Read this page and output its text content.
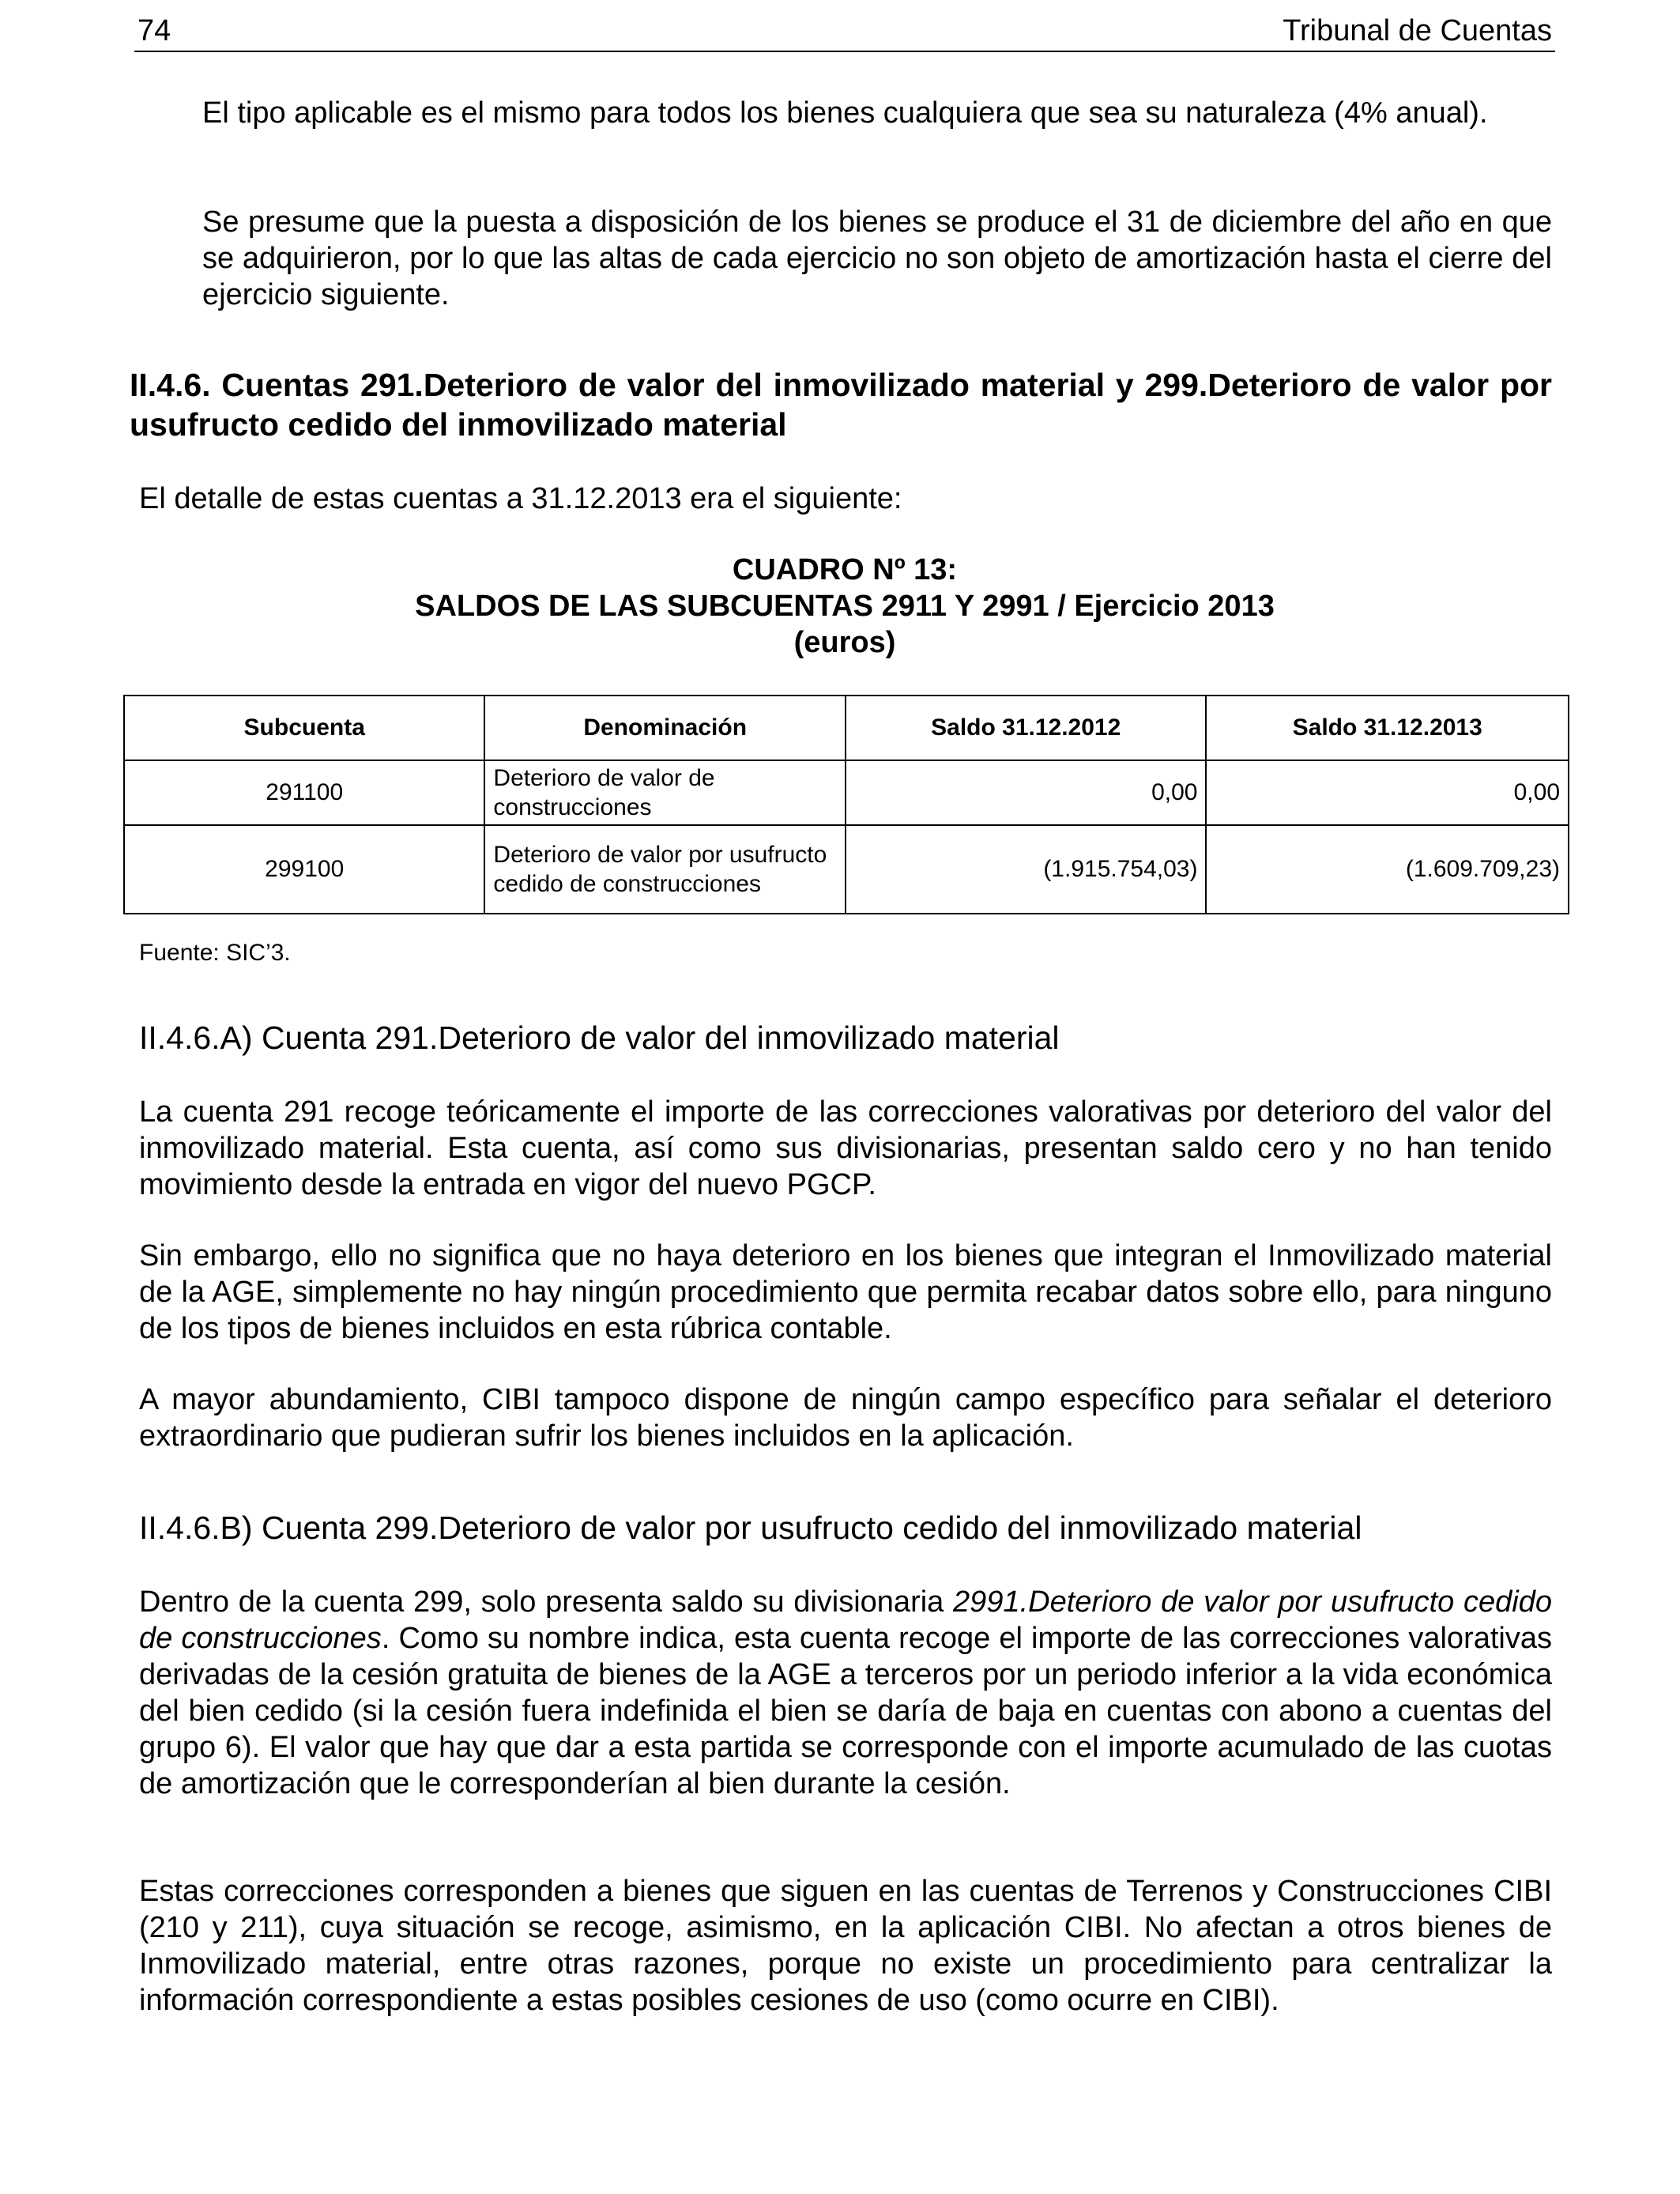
74	Tribunal de Cuentas

El tipo aplicable es el mismo para todos los bienes cualquiera que sea su naturaleza (4% anual).

Se presume que la puesta a disposición de los bienes se produce el 31 de diciembre del año en que se adquirieron, por lo que las altas de cada ejercicio no son objeto de amortización hasta el cierre del ejercicio siguiente.

II.4.6. Cuentas 291.Deterioro de valor del inmovilizado material y 299.Deterioro de valor por usufructo cedido del inmovilizado material

El detalle de estas cuentas a 31.12.2013 era el siguiente:

CUADRO Nº 13:
SALDOS DE LAS SUBCUENTAS 2911 Y 2991 / Ejercicio 2013
(euros)
Subcuenta	Denominación	Saldo 31.12.2012	Saldo 31.12.2013
291100	Deterioro de valor de construcciones	0,00	0,00
299100	Deterioro de valor por usufructo cedido de construcciones	(1.915.754,03)	(1.609.709,23)
Fuente: SIC’3.

II.4.6.A) Cuenta 291.Deterioro de valor del inmovilizado material

La cuenta 291 recoge teóricamente el importe de las correcciones valorativas por deterioro del valor del inmovilizado material. Esta cuenta, así como sus divisionarias, presentan saldo cero y no han tenido movimiento desde la entrada en vigor del nuevo PGCP.

Sin embargo, ello no significa que no haya deterioro en los bienes que integran el Inmovilizado material de la AGE, simplemente no hay ningún procedimiento que permita recabar datos sobre ello, para ninguno de los tipos de bienes incluidos en esta rúbrica contable.

A mayor abundamiento, CIBI tampoco dispone de ningún campo específico para señalar el deterioro extraordinario que pudieran sufrir los bienes incluidos en la aplicación.

II.4.6.B) Cuenta 299.Deterioro de valor por usufructo cedido del inmovilizado material

Dentro de la cuenta 299, solo presenta saldo su divisionaria 2991.Deterioro de valor por usufructo cedido de construcciones. Como su nombre indica, esta cuenta recoge el importe de las correcciones valorativas derivadas de la cesión gratuita de bienes de la AGE a terceros por un periodo inferior a la vida económica del bien cedido (si la cesión fuera indefinida el bien se daría de baja en cuentas con abono a cuentas del grupo 6). El valor que hay que dar a esta partida se corresponde con el importe acumulado de las cuotas de amortización que le corresponderían al bien durante la cesión.

Estas correcciones corresponden a bienes que siguen en las cuentas de Terrenos y Construcciones CIBI (210 y 211), cuya situación se recoge, asimismo, en la aplicación CIBI. No afectan a otros bienes de Inmovilizado material, entre otras razones, porque no existe un procedimiento para centralizar la información correspondiente a estas posibles cesiones de uso (como ocurre en CIBI).
